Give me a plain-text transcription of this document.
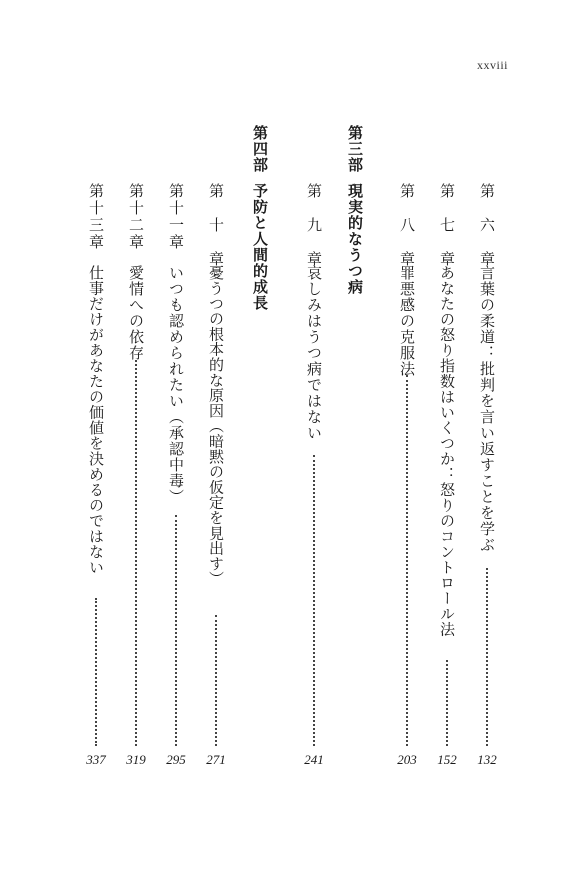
xxviii
第　六　章
言葉の柔道：批判を言い返すことを学ぶ
132
第　七　章
あなたの怒り指数はいくつか：怒りのコントロール法
152
第　八　章
罪悪感の克服法
203
第三部
現実的なうつ病
第　九　章
哀しみはうつ病ではない
241
第四部
予防と人間的成長
第　十　章
憂うつの根本的な原因（暗黙の仮定を見出す）
271
第十一章
いつも認められたい（承認中毒）
295
第十二章
愛情への依存
319
第十三章
仕事だけがあなたの価値を決めるのではない
337
